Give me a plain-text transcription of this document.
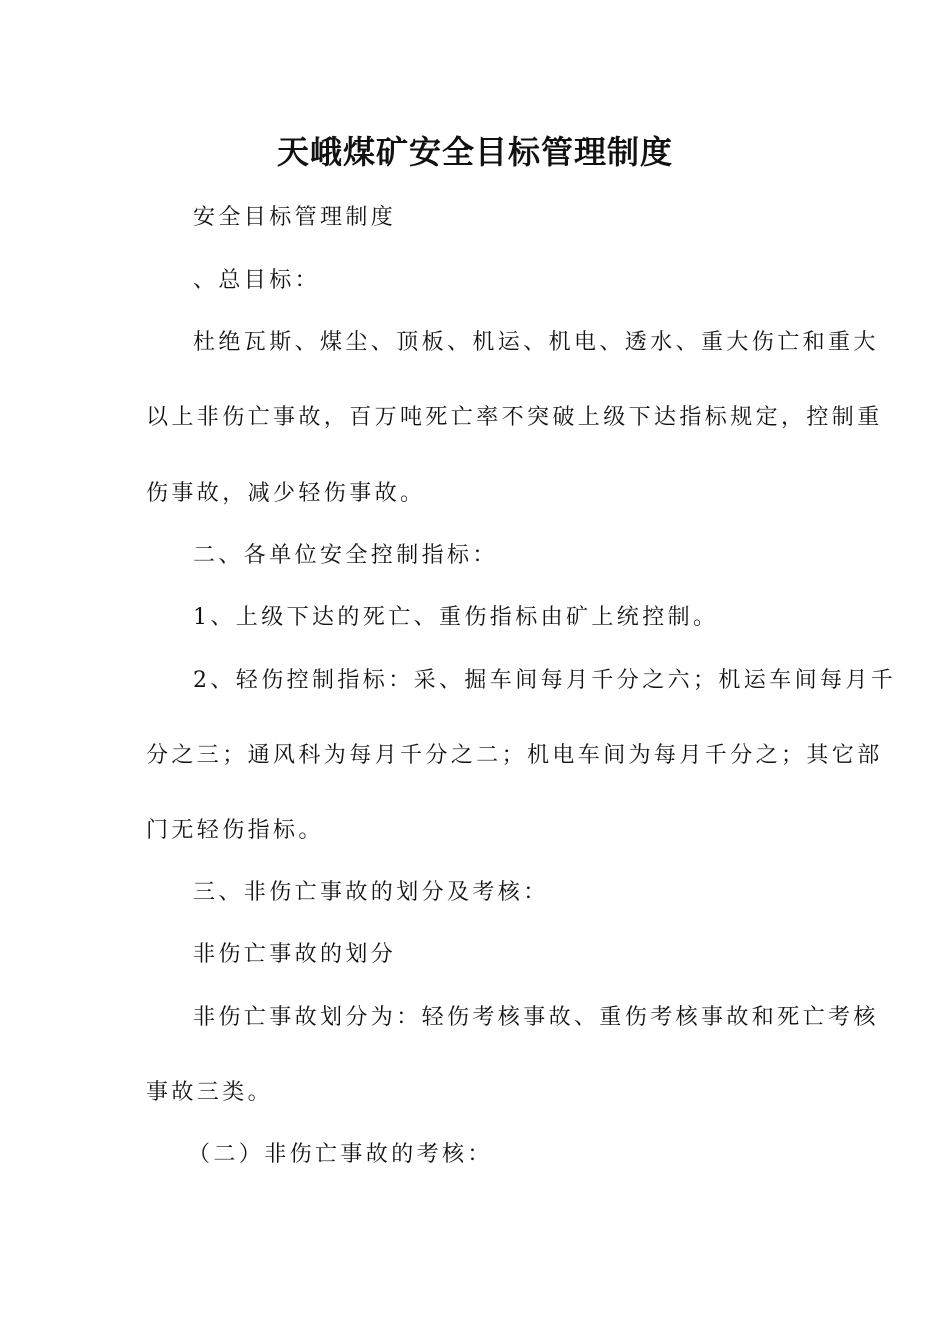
天峨煤矿安全目标管理制度
安全目标管理制度
、总目标：
杜绝瓦斯、煤尘、顶板、机运、机电、透水、重大伤亡和重大
以上非伤亡事故，百万吨死亡率不突破上级下达指标规定，控制重
伤事故，减少轻伤事故。
二、各单位安全控制指标：
1、上级下达的死亡、重伤指标由矿上统控制。
2、轻伤控制指标：采、掘车间每月千分之六；机运车间每月千
分之三；通风科为每月千分之二；机电车间为每月千分之；其它部
门无轻伤指标。
三、非伤亡事故的划分及考核：
非伤亡事故的划分
非伤亡事故划分为：轻伤考核事故、重伤考核事故和死亡考核
事故三类。
（二）非伤亡事故的考核：
